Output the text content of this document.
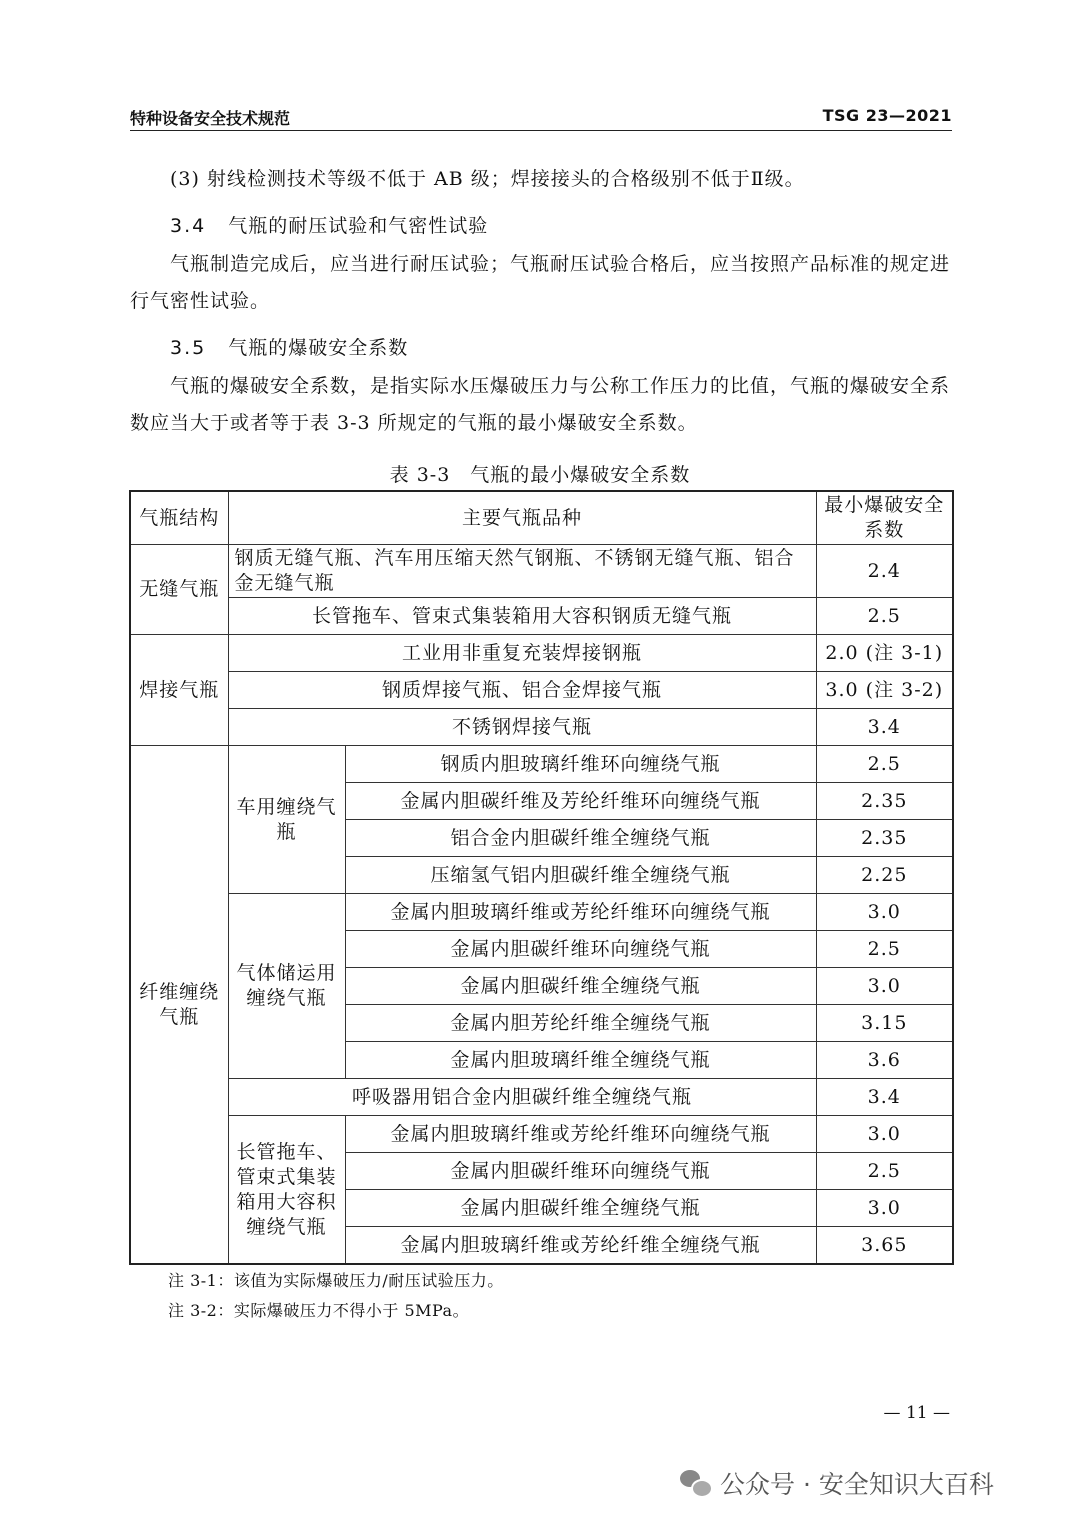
特种设备安全技术规范	TSG 23—2021
(3) 射线检测技术等级不低于 AB 级；焊接接头的合格级别不低于Ⅱ级。
3.4 气瓶的耐压试验和气密性试验
气瓶制造完成后，应当进行耐压试验；气瓶耐压试验合格后，应当按照产品标准的规定进行气密性试验。
3.5 气瓶的爆破安全系数
气瓶的爆破安全系数，是指实际水压爆破压力与公称工作压力的比值，气瓶的爆破安全系数应当大于或者等于表 3-3 所规定的气瓶的最小爆破安全系数。
表 3-3　气瓶的最小爆破安全系数
气瓶结构	主要气瓶品种		最小爆破安全系数
无缝气瓶	钢质无缝气瓶、汽车用压缩天然气钢瓶、不锈钢无缝气瓶、铝合金无缝气瓶		2.4
	长管拖车、管束式集装箱用大容积钢质无缝气瓶		2.5
焊接气瓶	工业用非重复充装焊接钢瓶		2.0 (注 3-1)
	钢质焊接气瓶、铝合金焊接气瓶		3.0 (注 3-2)
	不锈钢焊接气瓶		3.4
纤维缠绕气瓶	车用缠绕气瓶	钢质内胆玻璃纤维环向缠绕气瓶	2.5
		金属内胆碳纤维及芳纶纤维环向缠绕气瓶	2.35
		铝合金内胆碳纤维全缠绕气瓶	2.35
		压缩氢气铝内胆碳纤维全缠绕气瓶	2.25
	气体储运用缠绕气瓶	金属内胆玻璃纤维或芳纶纤维环向缠绕气瓶	3.0
		金属内胆碳纤维环向缠绕气瓶	2.5
		金属内胆碳纤维全缠绕气瓶	3.0
		金属内胆芳纶纤维全缠绕气瓶	3.15
		金属内胆玻璃纤维全缠绕气瓶	3.6
	呼吸器用铝合金内胆碳纤维全缠绕气瓶		3.4
	长管拖车、管束式集装箱用大容积缠绕气瓶	金属内胆玻璃纤维或芳纶纤维环向缠绕气瓶	3.0
		金属内胆碳纤维环向缠绕气瓶	2.5
		金属内胆碳纤维全缠绕气瓶	3.0
		金属内胆玻璃纤维或芳纶纤维全缠绕气瓶	3.65
注 3-1：该值为实际爆破压力/耐压试验压力。
注 3-2：实际爆破压力不得小于 5MPa。
— 11 —
公众号 · 安全知识大百科
